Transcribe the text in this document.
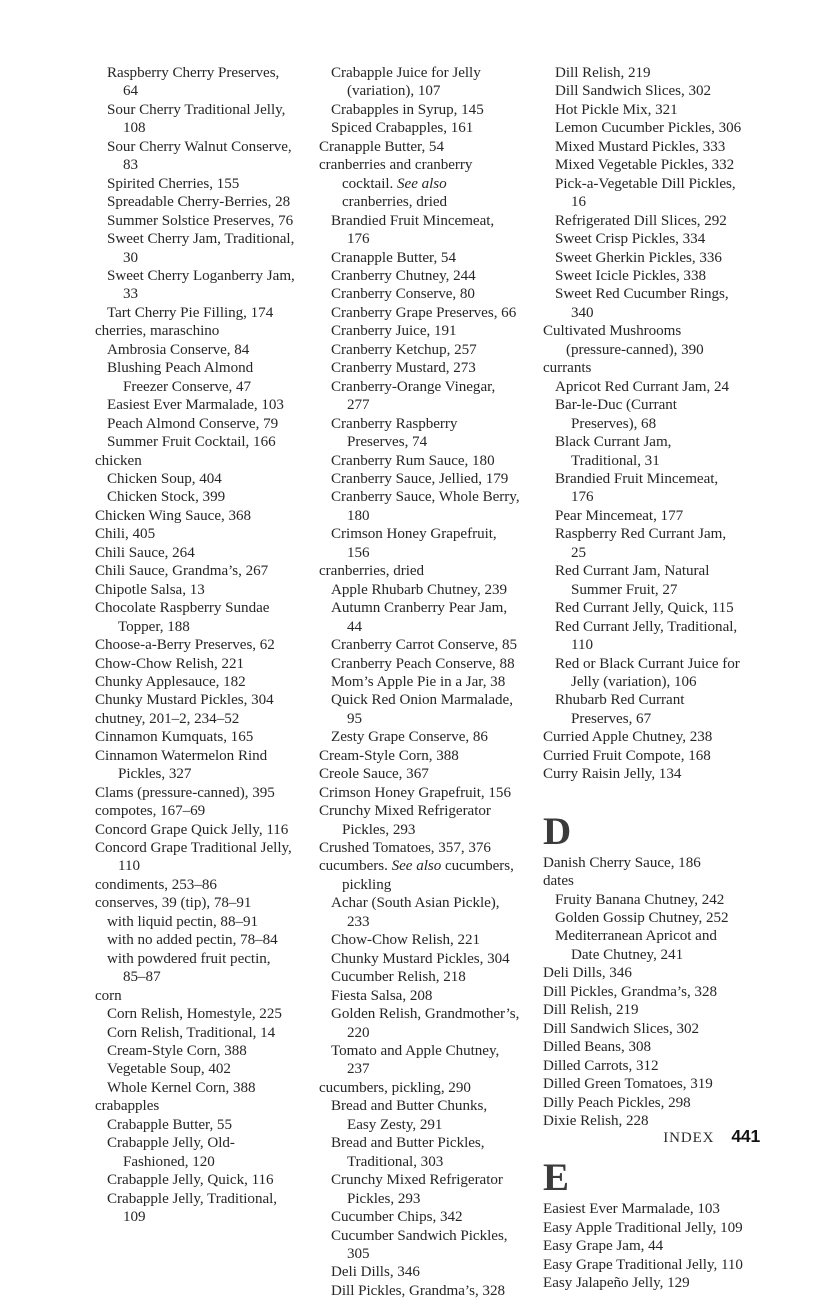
Raspberry Cherry Preserves, 64
Sour Cherry Traditional Jelly, 108
Sour Cherry Walnut Conserve, 83
Spirited Cherries, 155
Spreadable Cherry-Berries, 28
Summer Solstice Preserves, 76
Sweet Cherry Jam, Traditional, 30
Sweet Cherry Loganberry Jam, 33
Tart Cherry Pie Filling, 174
cherries, maraschino
Ambrosia Conserve, 84
Blushing Peach Almond Freezer Conserve, 47
Easiest Ever Marmalade, 103
Peach Almond Conserve, 79
Summer Fruit Cocktail, 166
chicken
Chicken Soup, 404
Chicken Stock, 399
Chicken Wing Sauce, 368
Chili, 405
Chili Sauce, 264
Chili Sauce, Grandma’s, 267
Chipotle Salsa, 13
Chocolate Raspberry Sundae Topper, 188
Choose-a-Berry Preserves, 62
Chow-Chow Relish, 221
Chunky Applesauce, 182
Chunky Mustard Pickles, 304
chutney, 201–2, 234–52
Cinnamon Kumquats, 165
Cinnamon Watermelon Rind Pickles, 327
Clams (pressure-canned), 395
compotes, 167–69
Concord Grape Quick Jelly, 116
Concord Grape Traditional Jelly, 110
condiments, 253–86
conserves, 39 (tip), 78–91
with liquid pectin, 88–91
with no added pectin, 78–84
with powdered fruit pectin, 85–87
corn
Corn Relish, Homestyle, 225
Corn Relish, Traditional, 14
Cream-Style Corn, 388
Vegetable Soup, 402
Whole Kernel Corn, 388
crabapples
Crabapple Butter, 55
Crabapple Jelly, Old-Fashioned, 120
Crabapple Jelly, Quick, 116
Crabapple Jelly, Traditional, 109
Crabapple Juice for Jelly (variation), 107
Crabapples in Syrup, 145
Spiced Crabapples, 161
Cranapple Butter, 54
cranberries and cranberry cocktail. See also cranberries, dried
Brandied Fruit Mincemeat, 176
Cranapple Butter, 54
Cranberry Chutney, 244
Cranberry Conserve, 80
Cranberry Grape Preserves, 66
Cranberry Juice, 191
Cranberry Ketchup, 257
Cranberry Mustard, 273
Cranberry-Orange Vinegar, 277
Cranberry Raspberry Preserves, 74
Cranberry Rum Sauce, 180
Cranberry Sauce, Jellied, 179
Cranberry Sauce, Whole Berry, 180
Crimson Honey Grapefruit, 156
cranberries, dried
Apple Rhubarb Chutney, 239
Autumn Cranberry Pear Jam, 44
Cranberry Carrot Conserve, 85
Cranberry Peach Conserve, 88
Mom’s Apple Pie in a Jar, 38
Quick Red Onion Marmalade, 95
Zesty Grape Conserve, 86
Cream-Style Corn, 388
Creole Sauce, 367
Crimson Honey Grapefruit, 156
Crunchy Mixed Refrigerator Pickles, 293
Crushed Tomatoes, 357, 376
cucumbers. See also cucumbers, pickling
Achar (South Asian Pickle), 233
Chow-Chow Relish, 221
Chunky Mustard Pickles, 304
Cucumber Relish, 218
Fiesta Salsa, 208
Golden Relish, Grandmother’s, 220
Tomato and Apple Chutney, 237
cucumbers, pickling, 290
Bread and Butter Chunks, Easy Zesty, 291
Bread and Butter Pickles, Traditional, 303
Crunchy Mixed Refrigerator Pickles, 293
Cucumber Chips, 342
Cucumber Sandwich Pickles, 305
Deli Dills, 346
Dill Pickles, Grandma’s, 328
Dill Relish, 219
Dill Sandwich Slices, 302
Hot Pickle Mix, 321
Lemon Cucumber Pickles, 306
Mixed Mustard Pickles, 333
Mixed Vegetable Pickles, 332
Pick-a-Vegetable Dill Pickles, 16
Refrigerated Dill Slices, 292
Sweet Crisp Pickles, 334
Sweet Gherkin Pickles, 336
Sweet Icicle Pickles, 338
Sweet Red Cucumber Rings, 340
Cultivated Mushrooms (pressure-canned), 390
currants
Apricot Red Currant Jam, 24
Bar-le-Duc (Currant Preserves), 68
Black Currant Jam, Traditional, 31
Brandied Fruit Mincemeat, 176
Pear Mincemeat, 177
Raspberry Red Currant Jam, 25
Red Currant Jam, Natural Summer Fruit, 27
Red Currant Jelly, Quick, 115
Red Currant Jelly, Traditional, 110
Red or Black Currant Juice for Jelly (variation), 106
Rhubarb Red Currant Preserves, 67
Curried Apple Chutney, 238
Curried Fruit Compote, 168
Curry Raisin Jelly, 134
D
Danish Cherry Sauce, 186
dates
Fruity Banana Chutney, 242
Golden Gossip Chutney, 252
Mediterranean Apricot and Date Chutney, 241
Deli Dills, 346
Dill Pickles, Grandma’s, 328
Dill Relish, 219
Dill Sandwich Slices, 302
Dilled Beans, 308
Dilled Carrots, 312
Dilled Green Tomatoes, 319
Dilly Peach Pickles, 298
Dixie Relish, 228
E
Easiest Ever Marmalade, 103
Easy Apple Traditional Jelly, 109
Easy Grape Jam, 44
Easy Grape Traditional Jelly, 110
Easy Jalapeño Jelly, 129
INDEX 441
